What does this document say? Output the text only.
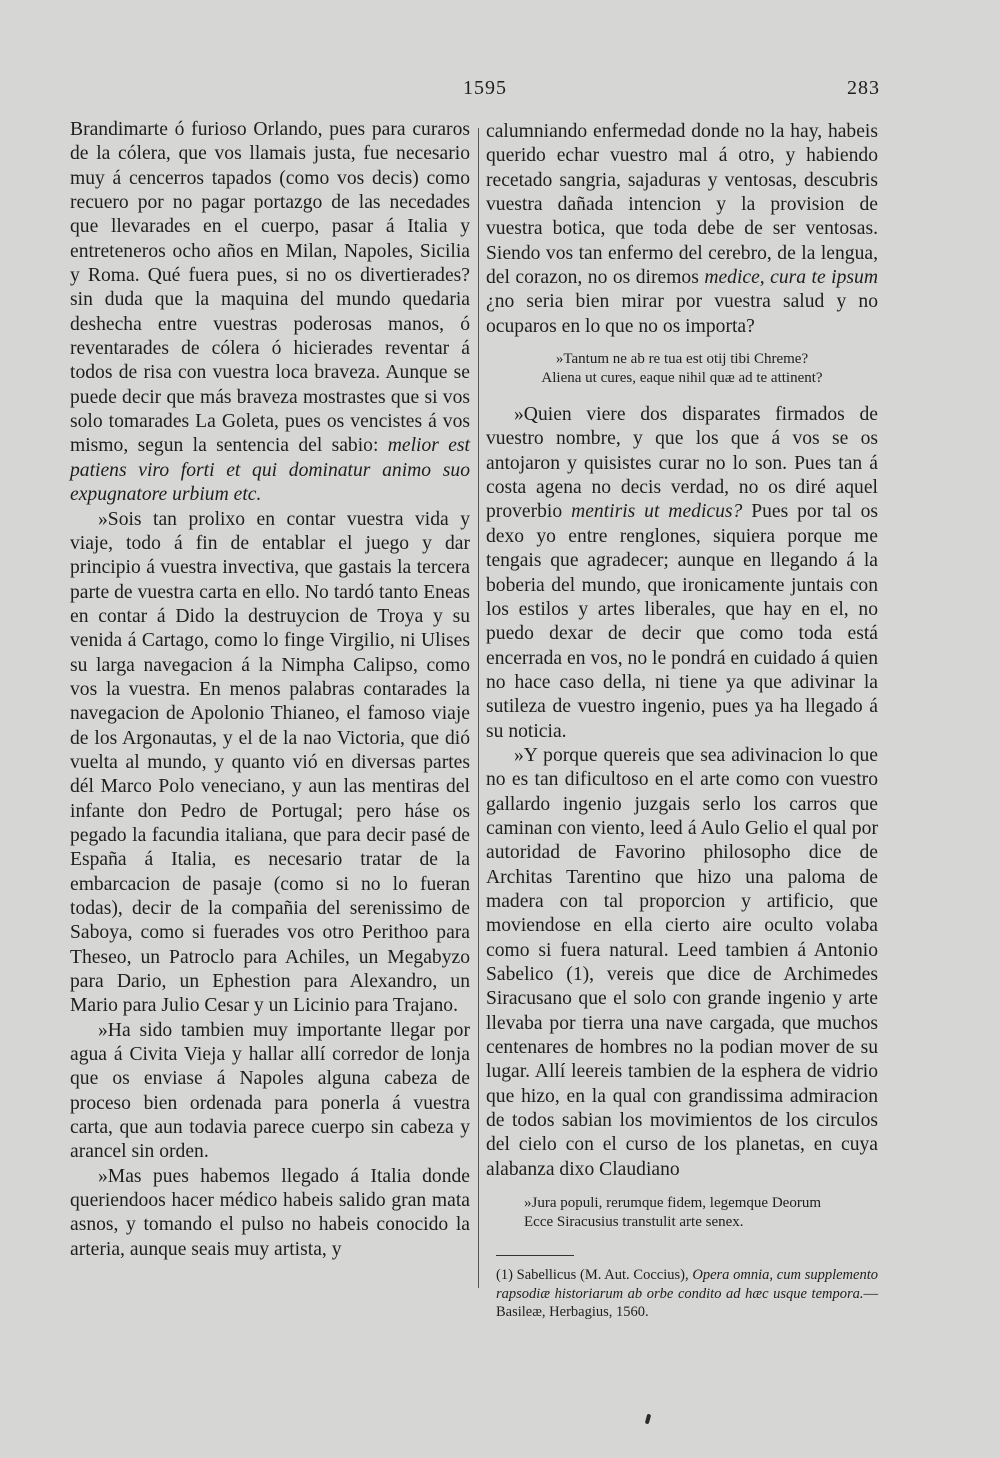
1595	283

Brandimarte ó furioso Orlando, pues para curaros de la cólera, que vos llamais justa, fue necesario muy á cencerros tapados (como vos decis) como recuero por no pagar portazgo de las necedades que llevarades en el cuerpo, pasar á Italia y entreteneros ocho años en Milan, Napoles, Sicilia y Roma. Qué fuera pues, si no os divertierades? sin duda que la maquina del mundo quedaria deshecha entre vuestras poderosas manos, ó reventarades de cólera ó hicierades reventar á todos de risa con vuestra loca braveza. Aunque se puede decir que más braveza mostrastes que si vos solo tomarades La Goleta, pues os vencistes á vos mismo, segun la sentencia del sabio: melior est patiens viro forti et qui dominatur animo suo expugnatore urbium etc.

»Sois tan prolixo en contar vuestra vida y viaje, todo á fin de entablar el juego y dar principio á vuestra invectiva, que gastais la tercera parte de vuestra carta en ello. No tardó tanto Eneas en contar á Dido la destruycion de Troya y su venida á Cartago, como lo finge Virgilio, ni Ulises su larga navegacion á la Nimpha Calipso, como vos la vuestra. En menos palabras contarades la navegacion de Apolonio Thianeo, el famoso viaje de los Argonautas, y el de la nao Victoria, que dió vuelta al mundo, y quanto vió en diversas partes dél Marco Polo veneciano, y aun las mentiras del infante don Pedro de Portugal; pero háse os pegado la facundia italiana, que para decir pasé de España á Italia, es necesario tratar de la embarcacion de pasaje (como si no lo fueran todas), decir de la compañia del serenissimo de Saboya, como si fuerades vos otro Perithoo para Theseo, un Patroclo para Achiles, un Megabyzo para Dario, un Ephestion para Alexandro, un Mario para Julio Cesar y un Licinio para Trajano.

»Ha sido tambien muy importante llegar por agua á Civita Vieja y hallar allí corredor de lonja que os enviase á Napoles alguna cabeza de proceso bien ordenada para ponerla á vuestra carta, que aun todavia parece cuerpo sin cabeza y arancel sin orden.

»Mas pues habemos llegado á Italia donde queriendoos hacer médico habeis salido gran mata asnos, y tomando el pulso no habeis conocido la arteria, aunque seais muy artista, y

calumniando enfermedad donde no la hay, habeis querido echar vuestro mal á otro, y habiendo recetado sangria, sajaduras y ventosas, descubris vuestra dañada intencion y la provision de vuestra botica, que toda debe de ser ventosas. Siendo vos tan enfermo del cerebro, de la lengua, del corazon, no os diremos medice, cura te ipsum ¿no seria bien mirar por vuestra salud y no ocuparos en lo que no os importa?

»Tantum ne ab re tua est otij tibi Chreme?
Aliena ut cures, eaque nihil quæ ad te attinent?

»Quien viere dos disparates firmados de vuestro nombre, y que los que á vos se os antojaron y quisistes curar no lo son. Pues tan á costa agena no decis verdad, no os diré aquel proverbio mentiris ut medicus? Pues por tal os dexo yo entre renglones, siquiera porque me tengais que agradecer; aunque en llegando á la boberia del mundo, que ironicamente juntais con los estilos y artes liberales, que hay en el, no puedo dexar de decir que como toda está encerrada en vos, no le pondrá en cuidado á quien no hace caso della, ni tiene ya que adivinar la sutileza de vuestro ingenio, pues ya ha llegado á su noticia.

»Y porque quereis que sea adivinacion lo que no es tan dificultoso en el arte como con vuestro gallardo ingenio juzgais serlo los carros que caminan con viento, leed á Aulo Gelio el qual por autoridad de Favorino philosopho dice de Architas Tarentino que hizo una paloma de madera con tal proporcion y artificio, que moviendose en ella cierto aire oculto volaba como si fuera natural. Leed tambien á Antonio Sabelico (1), vereis que dice de Archimedes Siracusano que el solo con grande ingenio y arte llevaba por tierra una nave cargada, que muchos centenares de hombres no la podian mover de su lugar. Allí leereis tambien de la esphera de vidrio que hizo, en la qual con grandissima admiracion de todos sabian los movimientos de los circulos del cielo con el curso de los planetas, en cuya alabanza dixo Claudiano

»Jura populi, rerumque fidem, legemque Deorum
Ecce Siracusius transtulit arte senex.

(1) Sabellicus (M. Aut. Coccius), Opera omnia, cum supplemento rapsodiæ historiarum ab orbe condito ad hæc usque tempora.— Basileæ, Herbagius, 1560.
